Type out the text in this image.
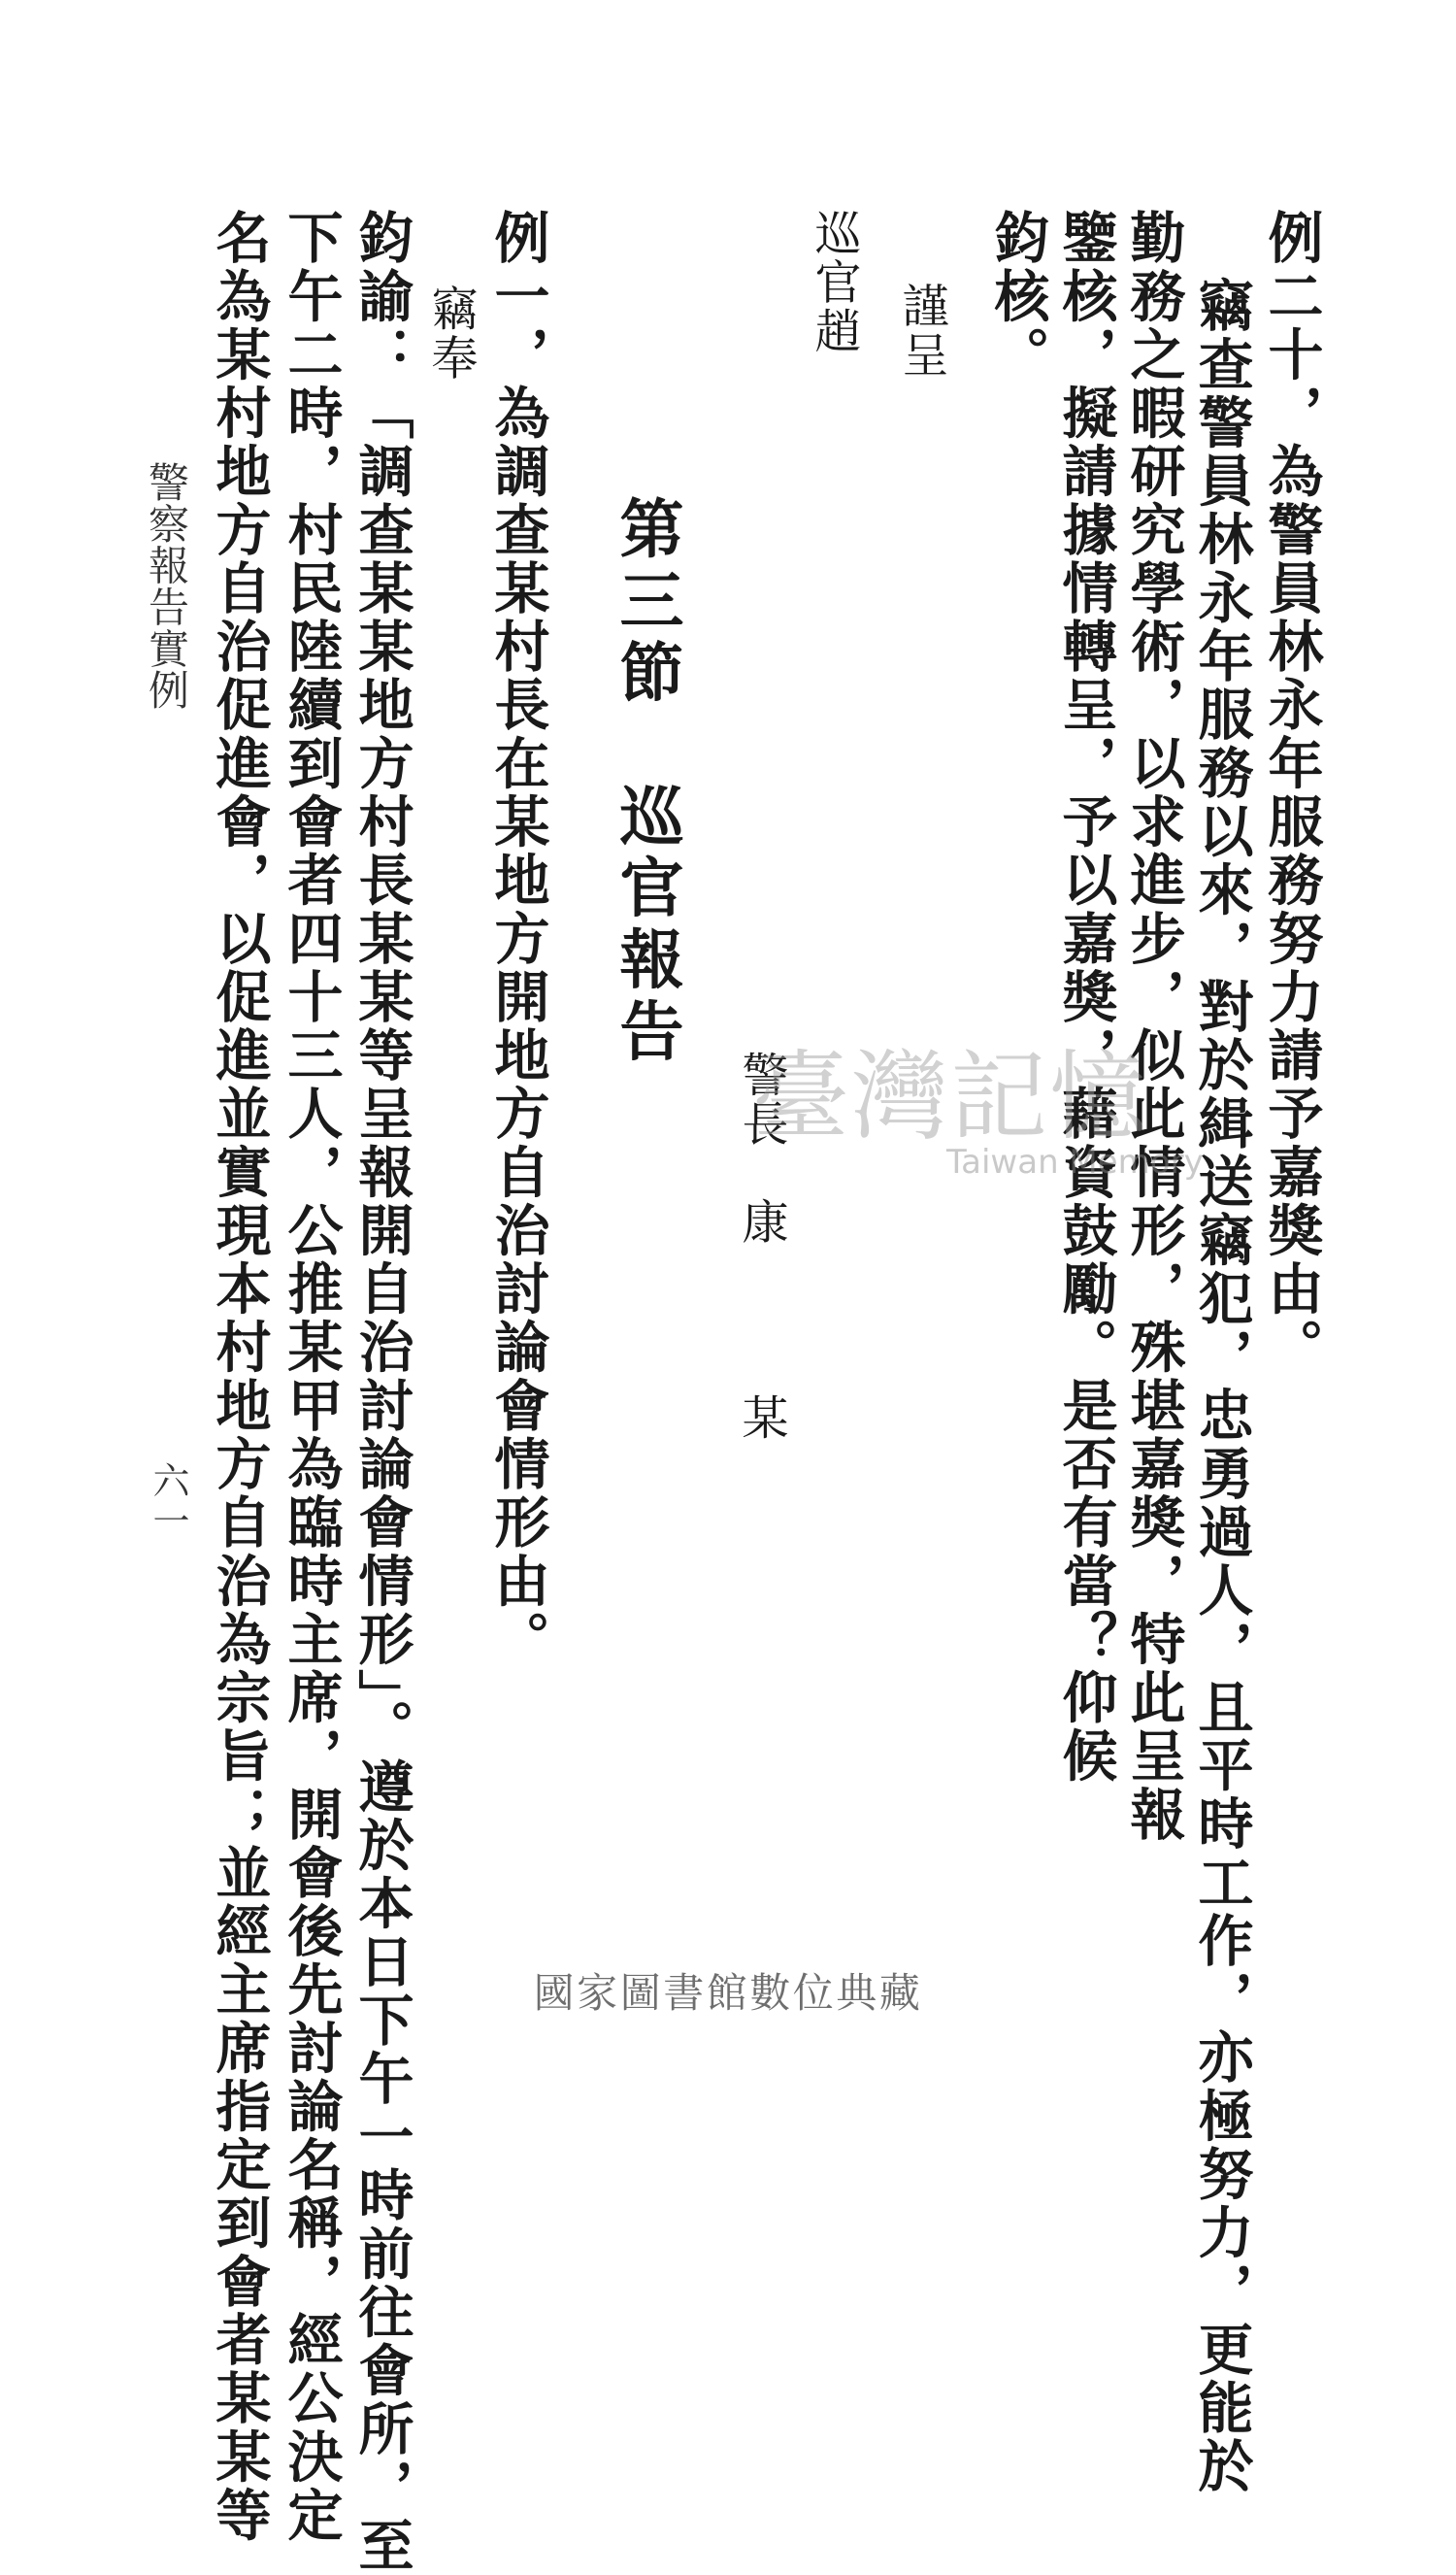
例二十，為警員林永年服務努力請予嘉獎由。

竊查警員林永年服務以來，對於緝送竊犯，忠勇過人，且平時工作，亦極努力，更能於

勤務之暇研究學術，以求進步，似此情形，殊堪嘉獎，特此呈報

鑒核，擬請據情轉呈，予以嘉獎，藉資鼓勵。是否有當？仰候

鈞核。

謹呈

巡官趙

警長　康　　　某

第三節　巡官報告

例一，為調查某村長在某地方開地方自治討論會情形由。

竊奉

鈞諭：「調查某某地方村長某某等呈報開自治討論會情形」。遵於本日下午一時前往會所，至

下午二時，村民陸續到會者四十三人，公推某甲為臨時主席，開會後先討論名稱，經公決定

名為某村地方自治促進會，以促進並實現本村地方自治為宗旨；並經主席指定到會者某某等

警察報告實例

六一

臺灣記憶
Taiwan Memory
國家圖書館數位典藏
